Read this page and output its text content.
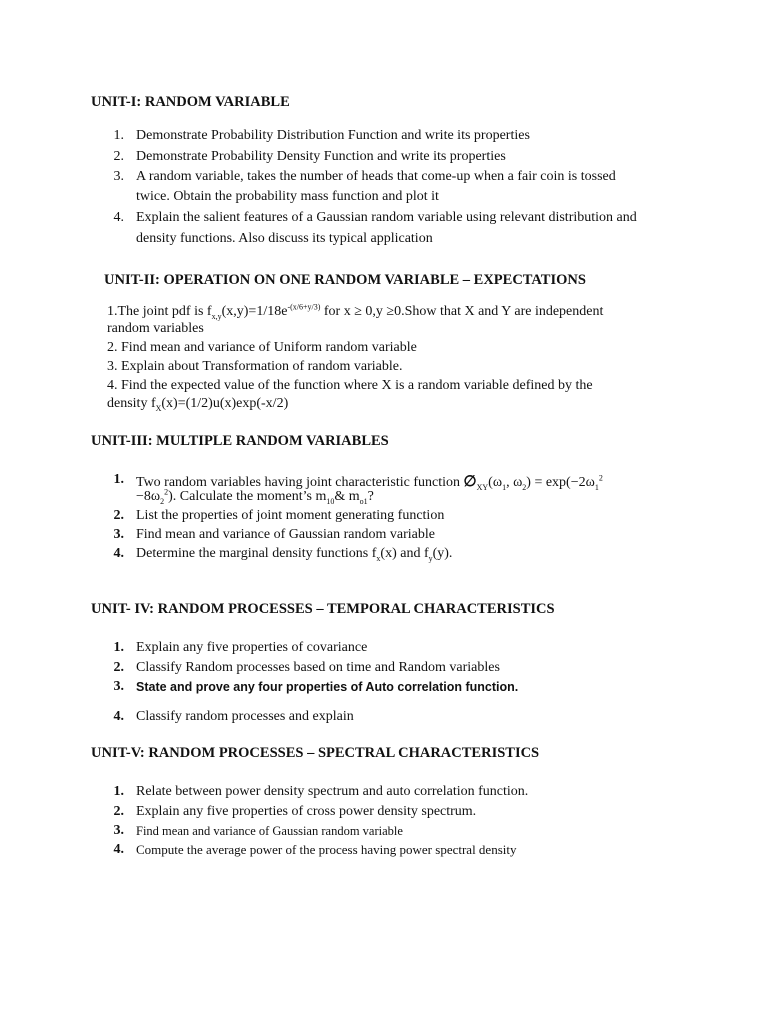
UNIT-I: RANDOM VARIABLE
1. Demonstrate Probability Distribution Function and write its properties
2. Demonstrate Probability Density Function and write its properties
3. A random variable, takes the number of heads that come-up when a fair coin is tossed
twice. Obtain the probability mass function and plot it
4. Explain the salient features of a Gaussian random variable using relevant distribution and
density functions. Also discuss its typical application
UNIT-II: OPERATION ON ONE RANDOM VARIABLE – EXPECTATIONS
1.The joint pdf is $f_{x,y}(x,y)=1/18e^{-(x/6+y/3)}$ for x ≥ 0,y ≥0.Show that X and Y are independent
random variables
2. Find mean and variance of Uniform random variable
3. Explain about Transformation of random variable.
4. Find the expected value of the function where X is a random variable defined by the
density $f_X(x)=(1/2)u(x)\exp(-x/2)$
UNIT-III: MULTIPLE RANDOM VARIABLES
1. Two random variables having joint characteristic function $\emptyset_{XY}(\omega_1$, $\omega_2) = \exp(-2\omega_1^2$
$-8\omega_2^2$). Calculate the moment’s $m_{10}\&$ $m_{o1}$?
2. List the properties of joint moment generating function
3. Find mean and variance of Gaussian random variable
4. Determine the marginal density functions $f_x(x)$ and $f_y(y)$.
UNIT- IV: RANDOM PROCESSES – TEMPORAL CHARACTERISTICS
1. Explain any five properties of covariance
2. Classify Random processes based on time and Random variables
3. State and prove any four properties of Auto correlation function.
4. Classify random processes and explain
UNIT-V: RANDOM PROCESSES – SPECTRAL CHARACTERISTICS
1. Relate between power density spectrum and auto correlation function.
2. Explain any five properties of cross power density spectrum.
3. Find mean and variance of Gaussian random variable
4. Compute the average power of the process having power spectral density
